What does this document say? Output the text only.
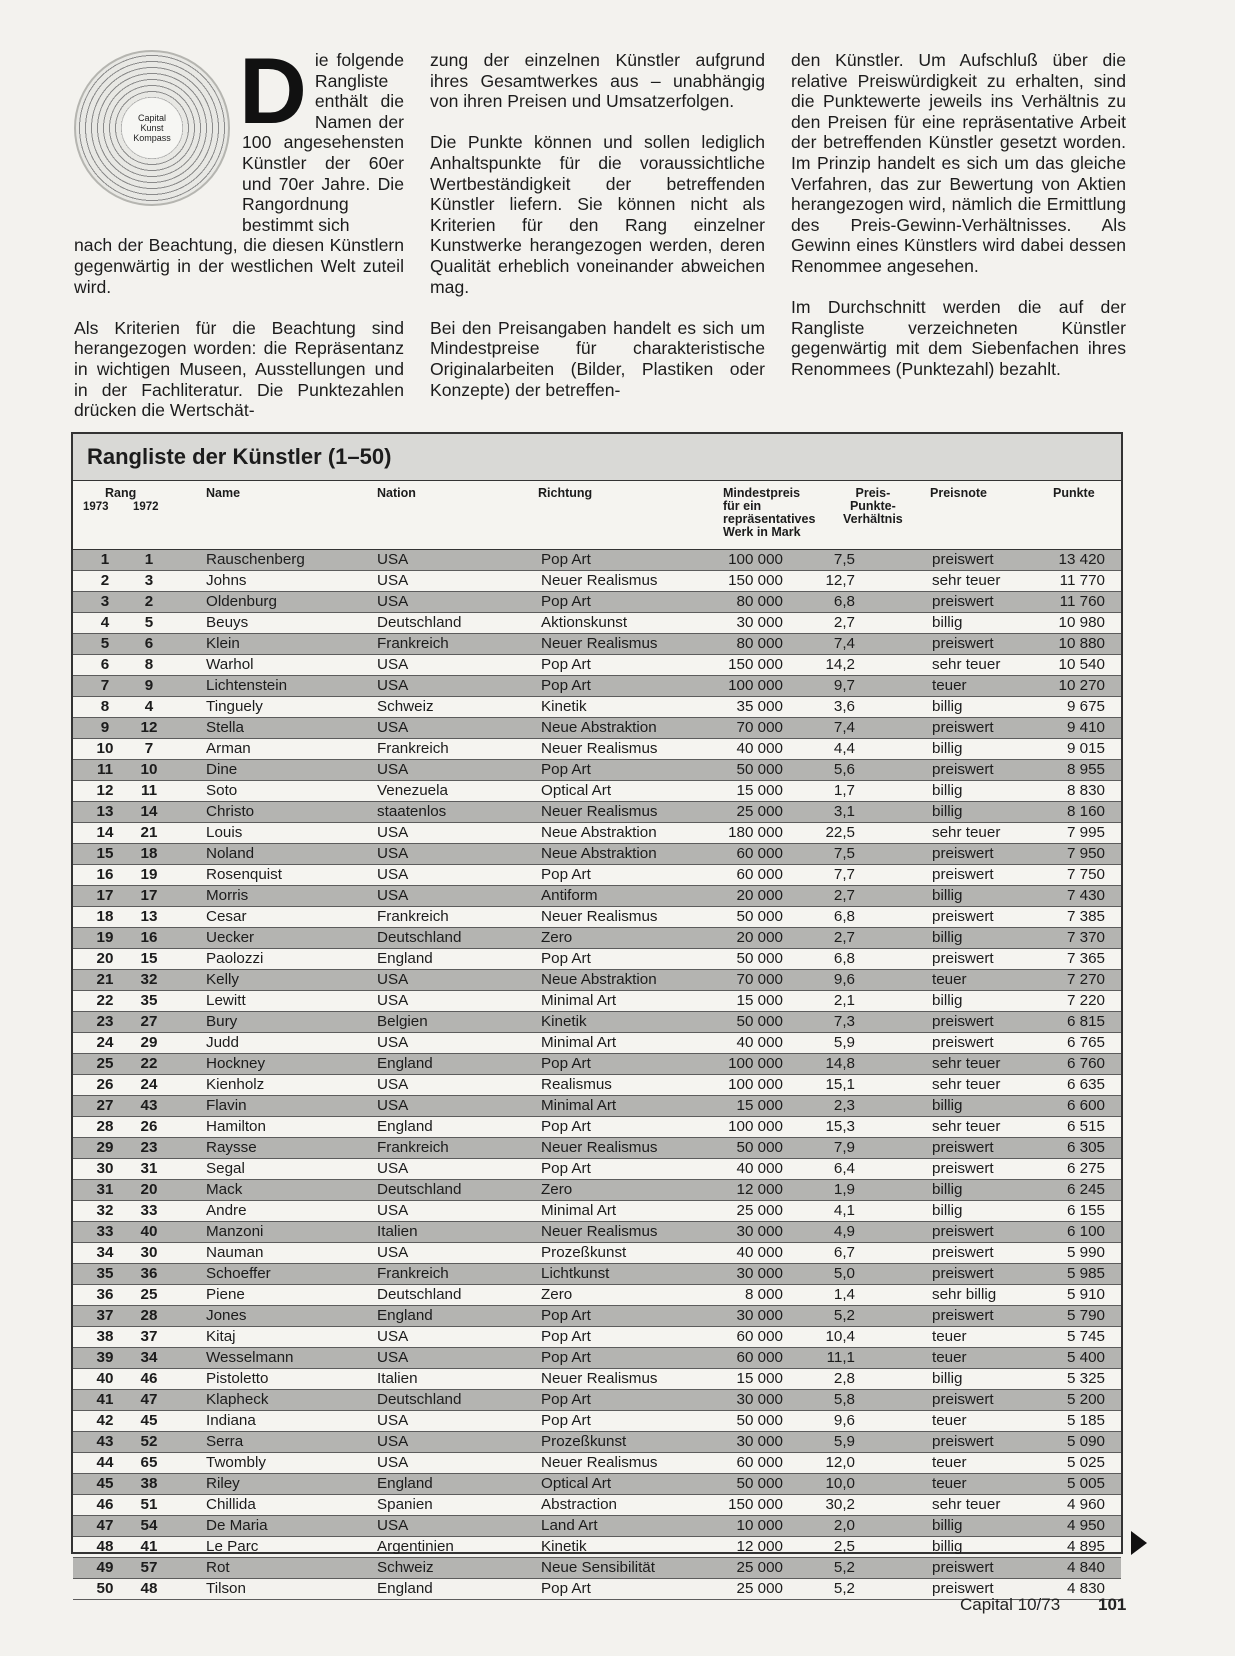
Capital
Kunst
Kompass Die folgende Rangliste enthält die Namen der 100 angesehensten Künstler der 60er und 70er Jahre. Die Rangordnung bestimmt sich

nach der Beachtung, die diesen Künstlern gegenwärtig in der westlichen Welt zuteil wird.

Als Kriterien für die Beachtung sind herangezogen worden: die Repräsentanz in wichtigen Museen, Ausstellungen und in der Fachliteratur. Die Punktezahlen drücken die Wertschät-

zung der einzelnen Künstler aufgrund ihres Gesamtwerkes aus – unabhängig von ihren Preisen und Umsatzerfolgen.

Die Punkte können und sollen lediglich Anhaltspunkte für die voraussichtliche Wertbeständigkeit der betreffenden Künstler liefern. Sie können nicht als Kriterien für den Rang einzelner Kunstwerke herangezogen werden, deren Qualität erheblich voneinander abweichen mag.

Bei den Preisangaben handelt es sich um Mindestpreise für charakteristische Originalarbeiten (Bilder, Plastiken oder Konzepte) der betreffen-

den Künstler. Um Aufschluß über die relative Preiswürdigkeit zu erhalten, sind die Punktewerte jeweils ins Verhältnis zu den Preisen für eine repräsentative Arbeit der betreffenden Künstler gesetzt worden. Im Prinzip handelt es sich um das gleiche Verfahren, das zur Bewertung von Aktien herangezogen wird, nämlich die Ermittlung des Preis-Gewinn-Verhältnisses. Als Gewinn eines Künstlers wird dabei dessen Renommee angesehen.

Im Durchschnitt werden die auf der Rangliste verzeichneten Künstler gegenwärtig mit dem Siebenfachen ihres Renommees (Punktezahl) bezahlt.

Rangliste der Künstler (1–50)
Rang
1973 1972
Name	Nation	Richtung	Mindestpreis
für ein
repräsentatives
Werk in Mark
Preis-
Punkte-
Verhältnis
Preisnote	Punkte
1	1	Rauschenberg	USA	Pop Art	100 000	7,5	preiswert	13 420
2	3	Johns	USA	Neuer Realismus	150 000	12,7	sehr teuer	11 770
3	2	Oldenburg	USA	Pop Art	80 000	6,8	preiswert	11 760
4	5	Beuys	Deutschland	Aktionskunst	30 000	2,7	billig	10 980
5	6	Klein	Frankreich	Neuer Realismus	80 000	7,4	preiswert	10 880
6	8	Warhol	USA	Pop Art	150 000	14,2	sehr teuer	10 540
7	9	Lichtenstein	USA	Pop Art	100 000	9,7	teuer	10 270
8	4	Tinguely	Schweiz	Kinetik	35 000	3,6	billig	9 675
9	12	Stella	USA	Neue Abstraktion	70 000	7,4	preiswert	9 410
10	7	Arman	Frankreich	Neuer Realismus	40 000	4,4	billig	9 015
11	10	Dine	USA	Pop Art	50 000	5,6	preiswert	8 955
12	11	Soto	Venezuela	Optical Art	15 000	1,7	billig	8 830
13	14	Christo	staatenlos	Neuer Realismus	25 000	3,1	billig	8 160
14	21	Louis	USA	Neue Abstraktion	180 000	22,5	sehr teuer	7 995
15	18	Noland	USA	Neue Abstraktion	60 000	7,5	preiswert	7 950
16	19	Rosenquist	USA	Pop Art	60 000	7,7	preiswert	7 750
17	17	Morris	USA	Antiform	20 000	2,7	billig	7 430
18	13	Cesar	Frankreich	Neuer Realismus	50 000	6,8	preiswert	7 385
19	16	Uecker	Deutschland	Zero	20 000	2,7	billig	7 370
20	15	Paolozzi	England	Pop Art	50 000	6,8	preiswert	7 365
21	32	Kelly	USA	Neue Abstraktion	70 000	9,6	teuer	7 270
22	35	Lewitt	USA	Minimal Art	15 000	2,1	billig	7 220
23	27	Bury	Belgien	Kinetik	50 000	7,3	preiswert	6 815
24	29	Judd	USA	Minimal Art	40 000	5,9	preiswert	6 765
25	22	Hockney	England	Pop Art	100 000	14,8	sehr teuer	6 760
26	24	Kienholz	USA	Realismus	100 000	15,1	sehr teuer	6 635
27	43	Flavin	USA	Minimal Art	15 000	2,3	billig	6 600
28	26	Hamilton	England	Pop Art	100 000	15,3	sehr teuer	6 515
29	23	Raysse	Frankreich	Neuer Realismus	50 000	7,9	preiswert	6 305
30	31	Segal	USA	Pop Art	40 000	6,4	preiswert	6 275
31	20	Mack	Deutschland	Zero	12 000	1,9	billig	6 245
32	33	Andre	USA	Minimal Art	25 000	4,1	billig	6 155
33	40	Manzoni	Italien	Neuer Realismus	30 000	4,9	preiswert	6 100
34	30	Nauman	USA	Prozeßkunst	40 000	6,7	preiswert	5 990
35	36	Schoeffer	Frankreich	Lichtkunst	30 000	5,0	preiswert	5 985
36	25	Piene	Deutschland	Zero	8 000	1,4	sehr billig	5 910
37	28	Jones	England	Pop Art	30 000	5,2	preiswert	5 790
38	37	Kitaj	USA	Pop Art	60 000	10,4	teuer	5 745
39	34	Wesselmann	USA	Pop Art	60 000	11,1	teuer	5 400
40	46	Pistoletto	Italien	Neuer Realismus	15 000	2,8	billig	5 325
41	47	Klapheck	Deutschland	Pop Art	30 000	5,8	preiswert	5 200
42	45	Indiana	USA	Pop Art	50 000	9,6	teuer	5 185
43	52	Serra	USA	Prozeßkunst	30 000	5,9	preiswert	5 090
44	65	Twombly	USA	Neuer Realismus	60 000	12,0	teuer	5 025
45	38	Riley	England	Optical Art	50 000	10,0	teuer	5 005
46	51	Chillida	Spanien	Abstraction	150 000	30,2	sehr teuer	4 960
47	54	De Maria	USA	Land Art	10 000	2,0	billig	4 950
48	41	Le Parc	Argentinien	Kinetik	12 000	2,5	billig	4 895
49	57	Rot	Schweiz	Neue Sensibilität	25 000	5,2	preiswert	4 840
50	48	Tilson	England	Pop Art	25 000	5,2	preiswert	4 830
Capital 10/73 101
